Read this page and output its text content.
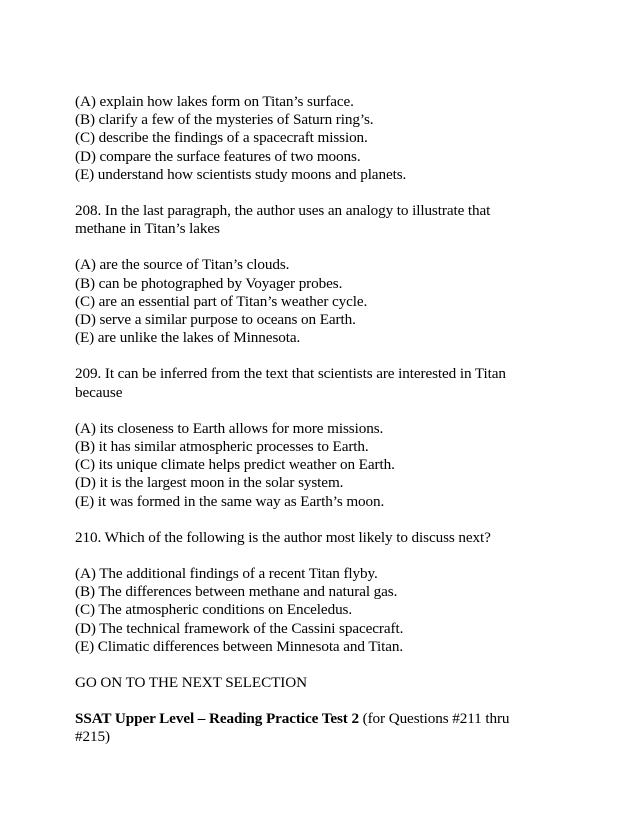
(A) explain how lakes form on Titan’s surface.
(B) clarify a few of the mysteries of Saturn ring’s.
(C) describe the findings of a spacecraft mission.
(D) compare the surface features of two moons.
(E) understand how scientists study moons and planets.
208. In the last paragraph, the author uses an analogy to illustrate that
methane in Titan’s lakes
(A) are the source of Titan’s clouds.
(B) can be photographed by Voyager probes.
(C) are an essential part of Titan’s weather cycle.
(D) serve a similar purpose to oceans on Earth.
(E) are unlike the lakes of Minnesota.
209. It can be inferred from the text that scientists are interested in Titan
because
(A) its closeness to Earth allows for more missions.
(B) it has similar atmospheric processes to Earth.
(C) its unique climate helps predict weather on Earth.
(D) it is the largest moon in the solar system.
(E) it was formed in the same way as Earth’s moon.
210. Which of the following is the author most likely to discuss next?
(A) The additional findings of a recent Titan flyby.
(B) The differences between methane and natural gas.
(C) The atmospheric conditions on Enceledus.
(D) The technical framework of the Cassini spacecraft.
(E) Climatic differences between Minnesota and Titan.
GO ON TO THE NEXT SELECTION
SSAT Upper Level – Reading Practice Test 2 (for Questions #211 thru
#215)
